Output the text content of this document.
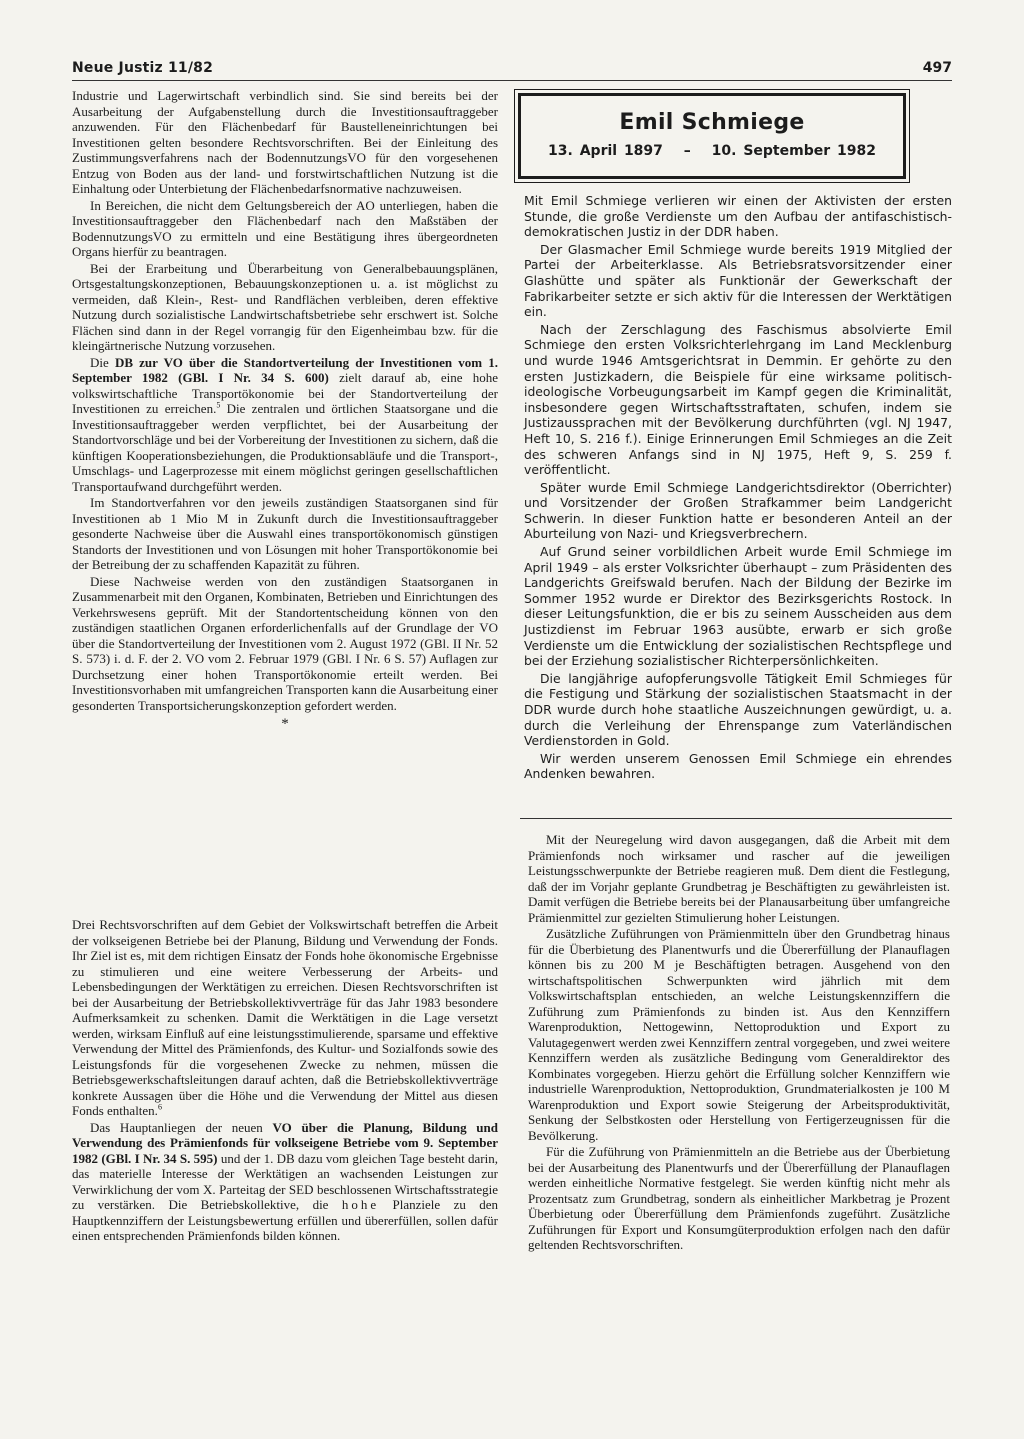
Neue Justiz 11/82	497

Industrie und Lagerwirtschaft verbindlich sind. Sie sind bereits bei der Ausarbeitung der Aufgabenstellung durch die Investitionsauftraggeber anzuwenden. Für den Flächenbedarf für Baustelleneinrichtungen bei Investitionen gelten besondere Rechtsvorschriften. Bei der Einleitung des Zustimmungsverfahrens nach der BodennutzungsVO für den vorgesehenen Entzug von Boden aus der land- und forstwirtschaftlichen Nutzung ist die Einhaltung oder Unterbietung der Flächenbedarfsnormative nachzuweisen.

In Bereichen, die nicht dem Geltungsbereich der AO unterliegen, haben die Investitionsauftraggeber den Flächenbedarf nach den Maßstäben der BodennutzungsVO zu ermitteln und eine Bestätigung ihres übergeordneten Organs hierfür zu beantragen.

Bei der Erarbeitung und Überarbeitung von Generalbebauungsplänen, Ortsgestaltungskonzeptionen, Bebauungskonzeptionen u. a. ist möglichst zu vermeiden, daß Klein-, Rest- und Randflächen verbleiben, deren effektive Nutzung durch sozialistische Landwirtschaftsbetriebe sehr erschwert ist. Solche Flächen sind dann in der Regel vorrangig für den Eigenheimbau bzw. für die kleingärtnerische Nutzung vorzusehen.

Die DB zur VO über die Standortverteilung der Investitionen vom 1. September 1982 (GBl. I Nr. 34 S. 600) zielt darauf ab, eine hohe volkswirtschaftliche Transportökonomie bei der Standortverteilung der Investitionen zu erreichen.$^5$ Die zentralen und örtlichen Staatsorgane und die Investitionsauftraggeber werden verpflichtet, bei der Ausarbeitung der Standortvorschläge und bei der Vorbereitung der Investitionen zu sichern, daß die künftigen Kooperationsbeziehungen, die Produktionsabläufe und die Transport-, Umschlags- und Lagerprozesse mit einem möglichst geringen gesellschaftlichen Transportaufwand durchgeführt werden.

Im Standortverfahren vor den jeweils zuständigen Staatsorganen sind für Investitionen ab 1 Mio M in Zukunft durch die Investitionsauftraggeber gesonderte Nachweise über die Auswahl eines transportökonomisch günstigen Standorts der Investitionen und von Lösungen mit hoher Transportökonomie bei der Betreibung der zu schaffenden Kapazität zu führen.

Diese Nachweise werden von den zuständigen Staatsorganen in Zusammenarbeit mit den Organen, Kombinaten, Betrieben und Einrichtungen des Verkehrswesens geprüft. Mit der Standortentscheidung können von den zuständigen staatlichen Organen erforderlichenfalls auf der Grundlage der VO über die Standortverteilung der Investitionen vom 2. August 1972 (GBl. II Nr. 52 S. 573) i. d. F. der 2. VO vom 2. Februar 1979 (GBl. I Nr. 6 S. 57) Auflagen zur Durchsetzung einer hohen Transportökonomie erteilt werden. Bei Investitionsvorhaben mit umfangreichen Transporten kann die Ausarbeitung einer gesonderten Transportsicherungskonzeption gefordert werden.

*

Drei Rechtsvorschriften auf dem Gebiet der Volkswirtschaft betreffen die Arbeit der volkseigenen Betriebe bei der Planung, Bildung und Verwendung der Fonds. Ihr Ziel ist es, mit dem richtigen Einsatz der Fonds hohe ökonomische Ergebnisse zu stimulieren und eine weitere Verbesserung der Arbeits- und Lebensbedingungen der Werktätigen zu erreichen. Diesen Rechtsvorschriften ist bei der Ausarbeitung der Betriebskollektivverträge für das Jahr 1983 besondere Aufmerksamkeit zu schenken. Damit die Werktätigen in die Lage versetzt werden, wirksam Einfluß auf eine leistungsstimulierende, sparsame und effektive Verwendung der Mittel des Prämienfonds, des Kultur- und Sozialfonds sowie des Leistungsfonds für die vorgesehenen Zwecke zu nehmen, müssen die Betriebsgewerkschaftsleitungen darauf achten, daß die Betriebskollektivverträge konkrete Aussagen über die Höhe und die Verwendung der Mittel aus diesen Fonds enthalten.$^6$

Das Hauptanliegen der neuen VO über die Planung, Bildung und Verwendung des Prämienfonds für volkseigene Betriebe vom 9. September 1982 (GBl. I Nr. 34 S. 595) und der 1. DB dazu vom gleichen Tage besteht darin, das materielle Interesse der Werktätigen an wachsenden Leistungen zur Verwirklichung der vom X. Parteitag der SED beschlossenen Wirtschaftsstrategie zu verstärken. Die Betriebskollektive, die hohe Planziele zu den Hauptkennziffern der Leistungsbewertung erfüllen und übererfüllen, sollen dafür einen entsprechenden Prämienfonds bilden können.

Emil Schmiege
13. April 1897 – 10. September 1982

Mit Emil Schmiege verlieren wir einen der Aktivisten der ersten Stunde, die große Verdienste um den Aufbau der antifaschistisch-demokratischen Justiz in der DDR haben.

Der Glasmacher Emil Schmiege wurde bereits 1919 Mitglied der Partei der Arbeiterklasse. Als Betriebsratsvorsitzender einer Glashütte und später als Funktionär der Gewerkschaft der Fabrikarbeiter setzte er sich aktiv für die Interessen der Werktätigen ein.

Nach der Zerschlagung des Faschismus absolvierte Emil Schmiege den ersten Volksrichterlehrgang im Land Mecklenburg und wurde 1946 Amtsgerichtsrat in Demmin. Er gehörte zu den ersten Justizkadern, die Beispiele für eine wirksame politisch-ideologische Vorbeugungsarbeit im Kampf gegen die Kriminalität, insbesondere gegen Wirtschaftsstraftaten, schufen, indem sie Justizaussprachen mit der Bevölkerung durchführten (vgl. NJ 1947, Heft 10, S. 216 f.). Einige Erinnerungen Emil Schmieges an die Zeit des schweren Anfangs sind in NJ 1975, Heft 9, S. 259 f. veröffentlicht.

Später wurde Emil Schmiege Landgerichtsdirektor (Oberrichter) und Vorsitzender der Großen Strafkammer beim Landgericht Schwerin. In dieser Funktion hatte er besonderen Anteil an der Aburteilung von Nazi- und Kriegsverbrechern.

Auf Grund seiner vorbildlichen Arbeit wurde Emil Schmiege im April 1949 – als erster Volksrichter überhaupt – zum Präsidenten des Landgerichts Greifswald berufen. Nach der Bildung der Bezirke im Sommer 1952 wurde er Direktor des Bezirksgerichts Rostock. In dieser Leitungsfunktion, die er bis zu seinem Ausscheiden aus dem Justizdienst im Februar 1963 ausübte, erwarb er sich große Verdienste um die Entwicklung der sozialistischen Rechtspflege und bei der Erziehung sozialistischer Richterpersönlichkeiten.

Die langjährige aufopferungsvolle Tätigkeit Emil Schmieges für die Festigung und Stärkung der sozialistischen Staatsmacht in der DDR wurde durch hohe staatliche Auszeichnungen gewürdigt, u. a. durch die Verleihung der Ehrenspange zum Vaterländischen Verdienstorden in Gold.

Wir werden unserem Genossen Emil Schmiege ein ehrendes Andenken bewahren.

Mit der Neuregelung wird davon ausgegangen, daß die Arbeit mit dem Prämienfonds noch wirksamer und rascher auf die jeweiligen Leistungsschwerpunkte der Betriebe reagieren muß. Dem dient die Festlegung, daß der im Vorjahr geplante Grundbetrag je Beschäftigten zu gewährleisten ist. Damit verfügen die Betriebe bereits bei der Planausarbeitung über umfangreiche Prämienmittel zur gezielten Stimulierung hoher Leistungen.

Zusätzliche Zuführungen von Prämienmitteln über den Grundbetrag hinaus für die Überbietung des Planentwurfs und die Übererfüllung der Planauflagen können bis zu 200 M je Beschäftigten betragen. Ausgehend von den wirtschaftspolitischen Schwerpunkten wird jährlich mit dem Volkswirtschaftsplan entschieden, an welche Leistungskennziffern die Zuführung zum Prämienfonds zu binden ist. Aus den Kennziffern Warenproduktion, Nettogewinn, Nettoproduktion und Export zu Valutagegenwert werden zwei Kennziffern zentral vorgegeben, und zwei weitere Kennziffern werden als zusätzliche Bedingung vom Generaldirektor des Kombinates vorgegeben. Hierzu gehört die Erfüllung solcher Kennziffern wie industrielle Warenproduktion, Nettoproduktion, Grundmaterialkosten je 100 M Warenproduktion und Export sowie Steigerung der Arbeitsproduktivität, Senkung der Selbstkosten oder Herstellung von Fertigerzeugnissen für die Bevölkerung.

Für die Zuführung von Prämienmitteln an die Betriebe aus der Überbietung bei der Ausarbeitung des Planentwurfs und der Übererfüllung der Planauflagen werden einheitliche Normative festgelegt. Sie werden künftig nicht mehr als Prozentsatz zum Grundbetrag, sondern als einheitlicher Markbetrag je Prozent Überbietung oder Übererfüllung dem Prämienfonds zugeführt. Zusätzliche Zuführungen für Export und Konsumgüterproduktion erfolgen nach den dafür geltenden Rechtsvorschriften.
